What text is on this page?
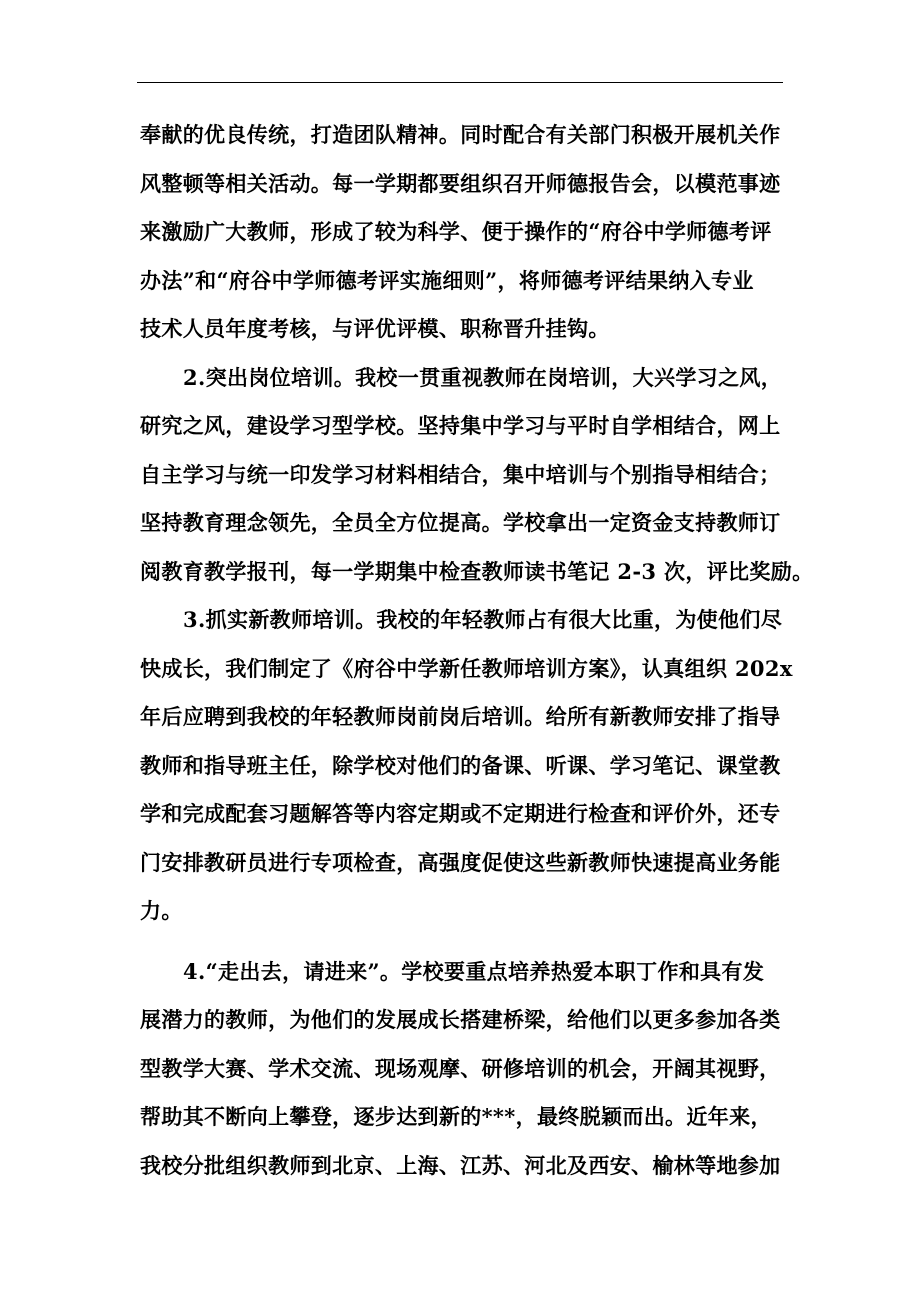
奉献的优良传统，打造团队精神。同时配合有关部门积极开展机关作
风整顿等相关活动。每一学期都要组织召开师德报告会，以模范事迹
来激励广大教师，形成了较为科学、便于操作的“府谷中学师德考评
办法”和“府谷中学师德考评实施细则”，将师德考评结果纳入专业
技术人员年度考核，与评优评模、职称晋升挂钩。
2.突出岗位培训。我校一贯重视教师在岗培训，大兴学习之风，
研究之风，建设学习型学校。坚持集中学习与平时自学相结合，网上
自主学习与统一印发学习材料相结合，集中培训与个别指导相结合；
坚持教育理念领先，全员全方位提高。学校拿出一定资金支持教师订
阅教育教学报刊，每一学期集中检查教师读书笔记 2-3 次，评比奖励。
3.抓实新教师培训。我校的年轻教师占有很大比重，为使他们尽
快成长，我们制定了《府谷中学新任教师培训方案》，认真组织 202x
年后应聘到我校的年轻教师岗前岗后培训。给所有新教师安排了指导
教师和指导班主任，除学校对他们的备课、听课、学习笔记、课堂教
学和完成配套习题解答等内容定期或不定期进行检查和评价外，还专
门安排教研员进行专项检查，高强度促使这些新教师快速提高业务能
力。
4.“走出去，请进来”。学校要重点培养热爱本职丁作和具有发
展潜力的教师，为他们的发展成长搭建桥梁，给他们以更多参加各类
型教学大赛、学术交流、现场观摩、研修培训的机会，开阔其视野，
帮助其不断向上攀登，逐步达到新的***，最终脱颖而出。近年来，
我校分批组织教师到北京、上海、江苏、河北及西安、榆林等地参加
